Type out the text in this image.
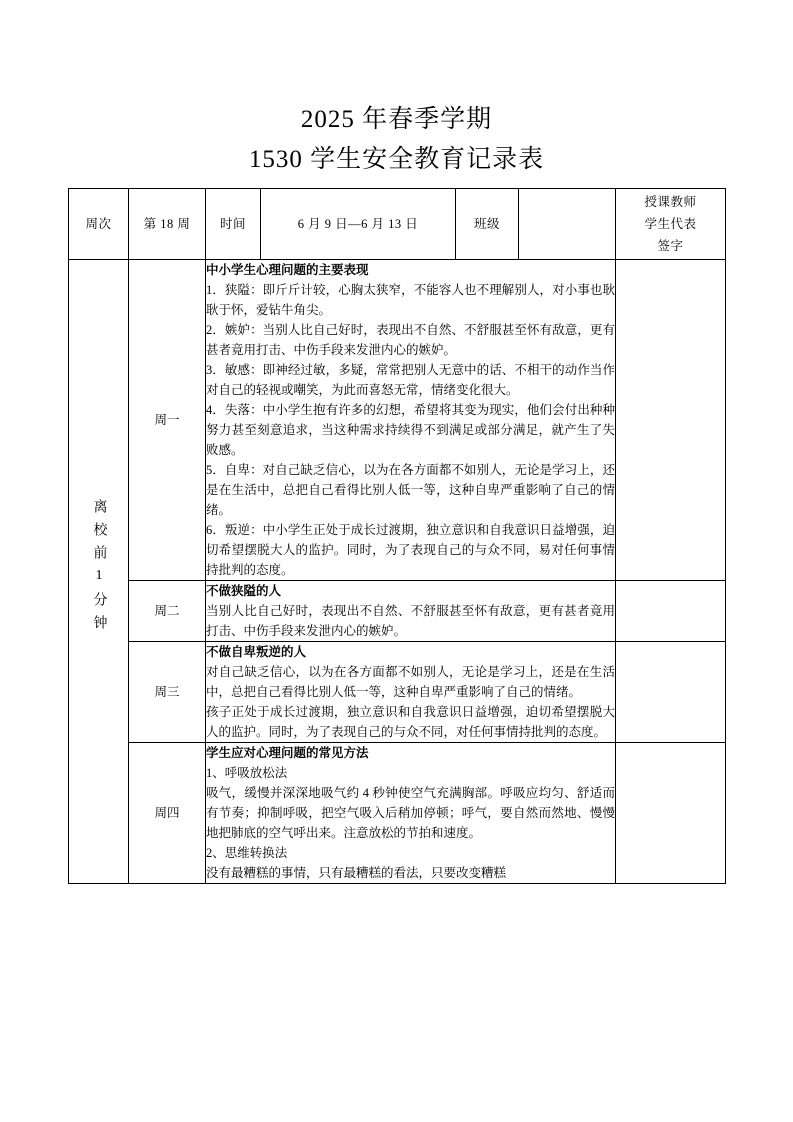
2025 年春季学期
1530 学生安全教育记录表
周次	第 18 周	时间	6 月 9 日—6 月 13 日	班级		授课教师
学生代表
签字

离校前1分钟	周一	
中小学生心理问题的主要表现

1．狭隘：即斤斤计较，心胸太狭窄，不能容人也不理解别人，对小事也耿耿于怀，爱钻牛角尖。

2．嫉妒：当别人比自己好时，表现出不自然、不舒服甚至怀有敌意，更有甚者竟用打击、中伤手段来发泄内心的嫉妒。

3．敏感：即神经过敏，多疑，常常把别人无意中的话、不相干的动作当作对自己的轻视或嘲笑，为此而喜怒无常，情绪变化很大。

4．失落：中小学生抱有许多的幻想，希望将其变为现实，他们会付出种种努力甚至刻意追求，当这种需求持续得不到满足或部分满足，就产生了失败感。

5．自卑：对自己缺乏信心，以为在各方面都不如别人，无论是学习上，还是在生活中，总把自己看得比别人低一等，这种自卑严重影响了自己的情绪。

6．叛逆：中小学生正处于成长过渡期，独立意识和自我意识日益增强，迫切希望摆脱大人的监护。同时，为了表现自己的与众不同，易对任何事情持批判的态度。

	周二	不做狭隘的人

当别人比自己好时，表现出不自然、不舒服甚至怀有敌意，更有甚者竟用打击、中伤手段来发泄内心的嫉妒。				

	周三	不做自卑叛逆的人

对自己缺乏信心，以为在各方面都不如别人，无论是学习上，还是在生活中，总把自己看得比别人低一等，这种自卑严重影响了自己的情绪。

孩子正处于成长过渡期，独立意识和自我意识日益增强，迫切希望摆脱大人的监护。同时，为了表现自己的与众不同，对任何事情持批判的态度。				

	周四	学生应对心理问题的常见方法

1、呼吸放松法

吸气，缓慢并深深地吸气约 4 秒钟使空气充满胸部。呼吸应均匀、舒适而有节奏；抑制呼吸，把空气吸入后稍加停顿；呼气，要自然而然地、慢慢地把肺底的空气呼出来。注意放松的节拍和速度。

2、思维转换法

没有最糟糕的事情，只有最糟糕的看法，只要改变糟糕				
